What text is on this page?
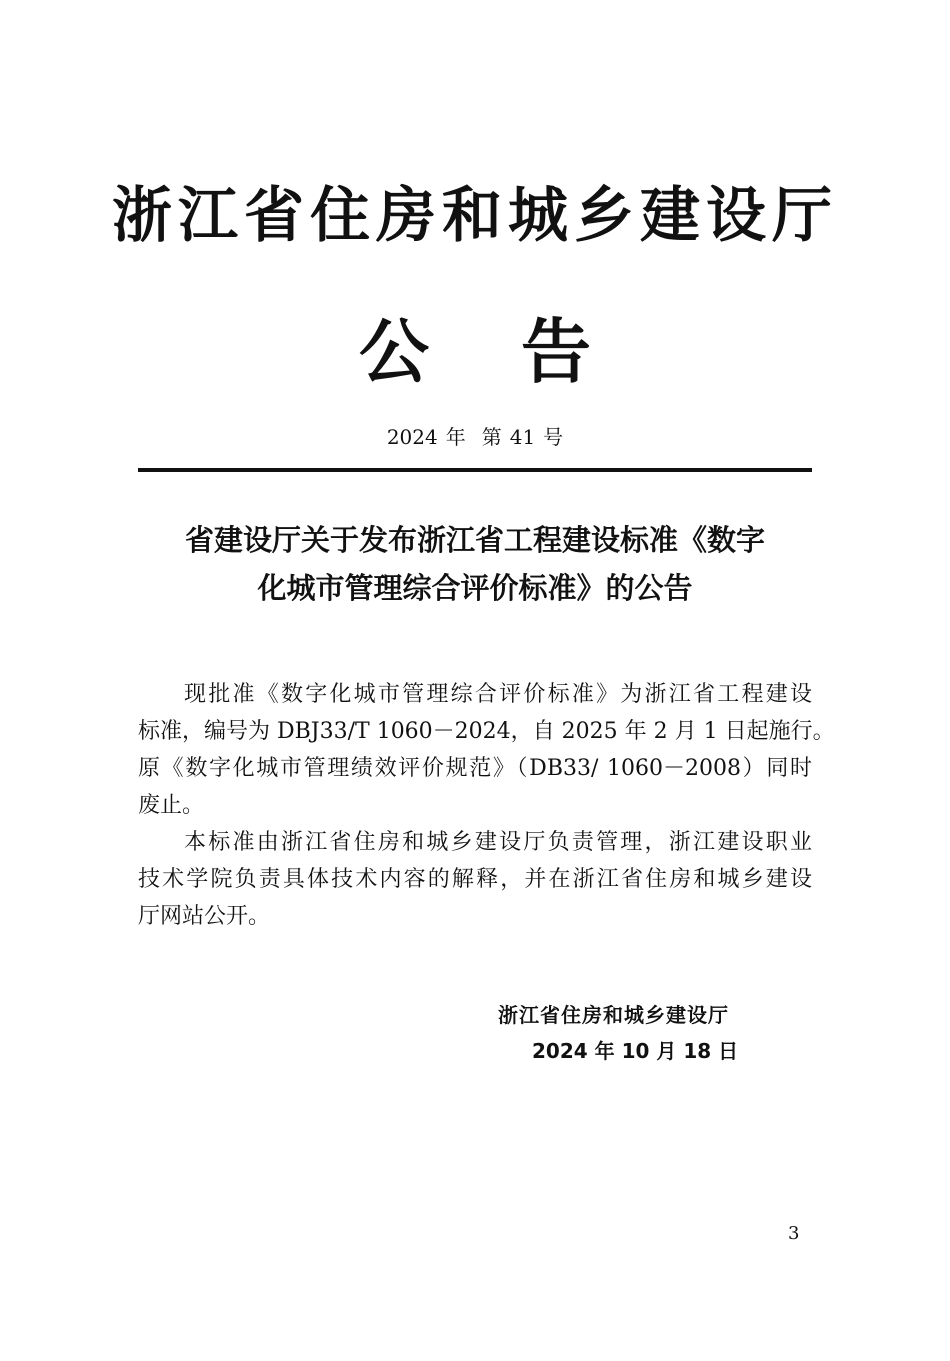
浙江省住房和城乡建设厅
公 告
2024 年 第 41 号
省建设厅关于发布浙江省工程建设标准《数字
化城市管理综合评价标准》的公告
现批准《数字化城市管理综合评价标准》为浙江省工程建设
标准，编号为 DBJ33/T 1060－2024，自 2025 年 2 月 1 日起施行。
原《数字化城市管理绩效评价规范》（DB33/ 1060－2008）同时
废止。
本标准由浙江省住房和城乡建设厅负责管理，浙江建设职业
技术学院负责具体技术内容的解释，并在浙江省住房和城乡建设
厅网站公开。
浙江省住房和城乡建设厅
2024 年 10 月 18 日
3
